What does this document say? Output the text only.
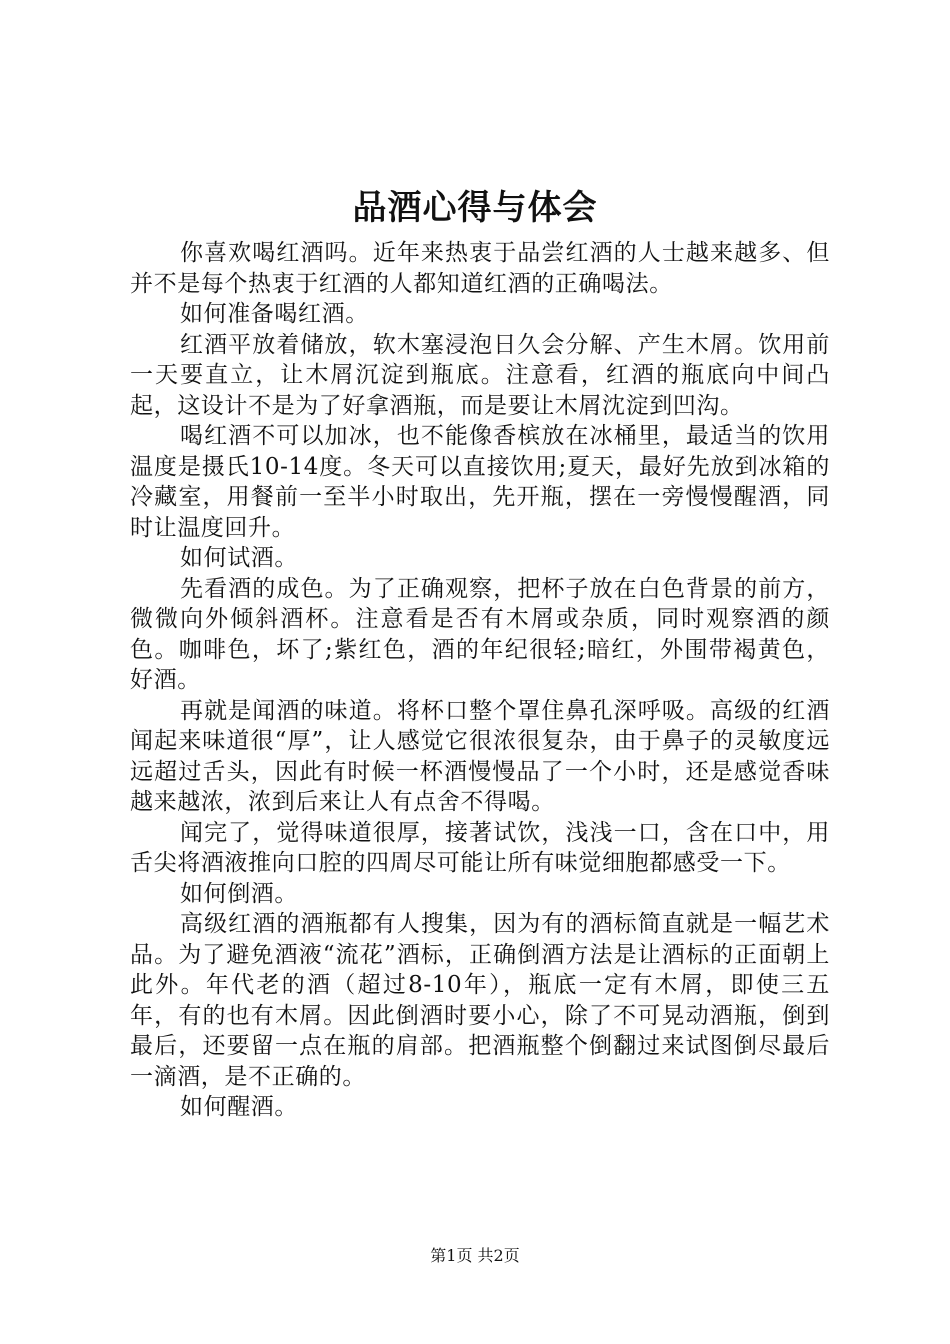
品酒心得与体会

你喜欢喝红酒吗。近年来热衷于品尝红酒的人士越来越多、但并不是每个热衷于红酒的人都知道红酒的正确喝法。

如何准备喝红酒。

红酒平放着储放，软木塞浸泡日久会分解、产生木屑。饮用前一天要直立，让木屑沉淀到瓶底。注意看，红酒的瓶底向中间凸起，这设计不是为了好拿酒瓶，而是要让木屑沈淀到凹沟。

喝红酒不可以加冰，也不能像香槟放在冰桶里，最适当的饮用温度是摄氏10-14度。冬天可以直接饮用;夏天，最好先放到冰箱的冷藏室，用餐前一至半小时取出，先开瓶，摆在一旁慢慢醒酒，同时让温度回升。

如何试酒。

先看酒的成色。为了正确观察，把杯子放在白色背景的前方，微微向外倾斜酒杯。注意看是否有木屑或杂质，同时观察酒的颜色。咖啡色，坏了;紫红色，酒的年纪很轻;暗红，外围带褐黄色，好酒。

再就是闻酒的味道。将杯口整个罩住鼻孔深呼吸。高级的红酒闻起来味道很“厚”，让人感觉它很浓很复杂，由于鼻子的灵敏度远远超过舌头，因此有时候一杯酒慢慢品了一个小时，还是感觉香味越来越浓，浓到后来让人有点舍不得喝。

闻完了，觉得味道很厚，接著试饮，浅浅一口，含在口中，用舌尖将酒液推向口腔的四周尽可能让所有味觉细胞都感受一下。

如何倒酒。

高级红酒的酒瓶都有人搜集，因为有的酒标简直就是一幅艺术品。为了避免酒液“流花”酒标，正确倒酒方法是让酒标的正面朝上此外。年代老的酒（超过8-10年），瓶底一定有木屑，即使三五年，有的也有木屑。因此倒酒时要小心，除了不可晃动酒瓶，倒到最后，还要留一点在瓶的肩部。把酒瓶整个倒翻过来试图倒尽最后一滴酒，是不正确的。

如何醒酒。

第1页 共2页
